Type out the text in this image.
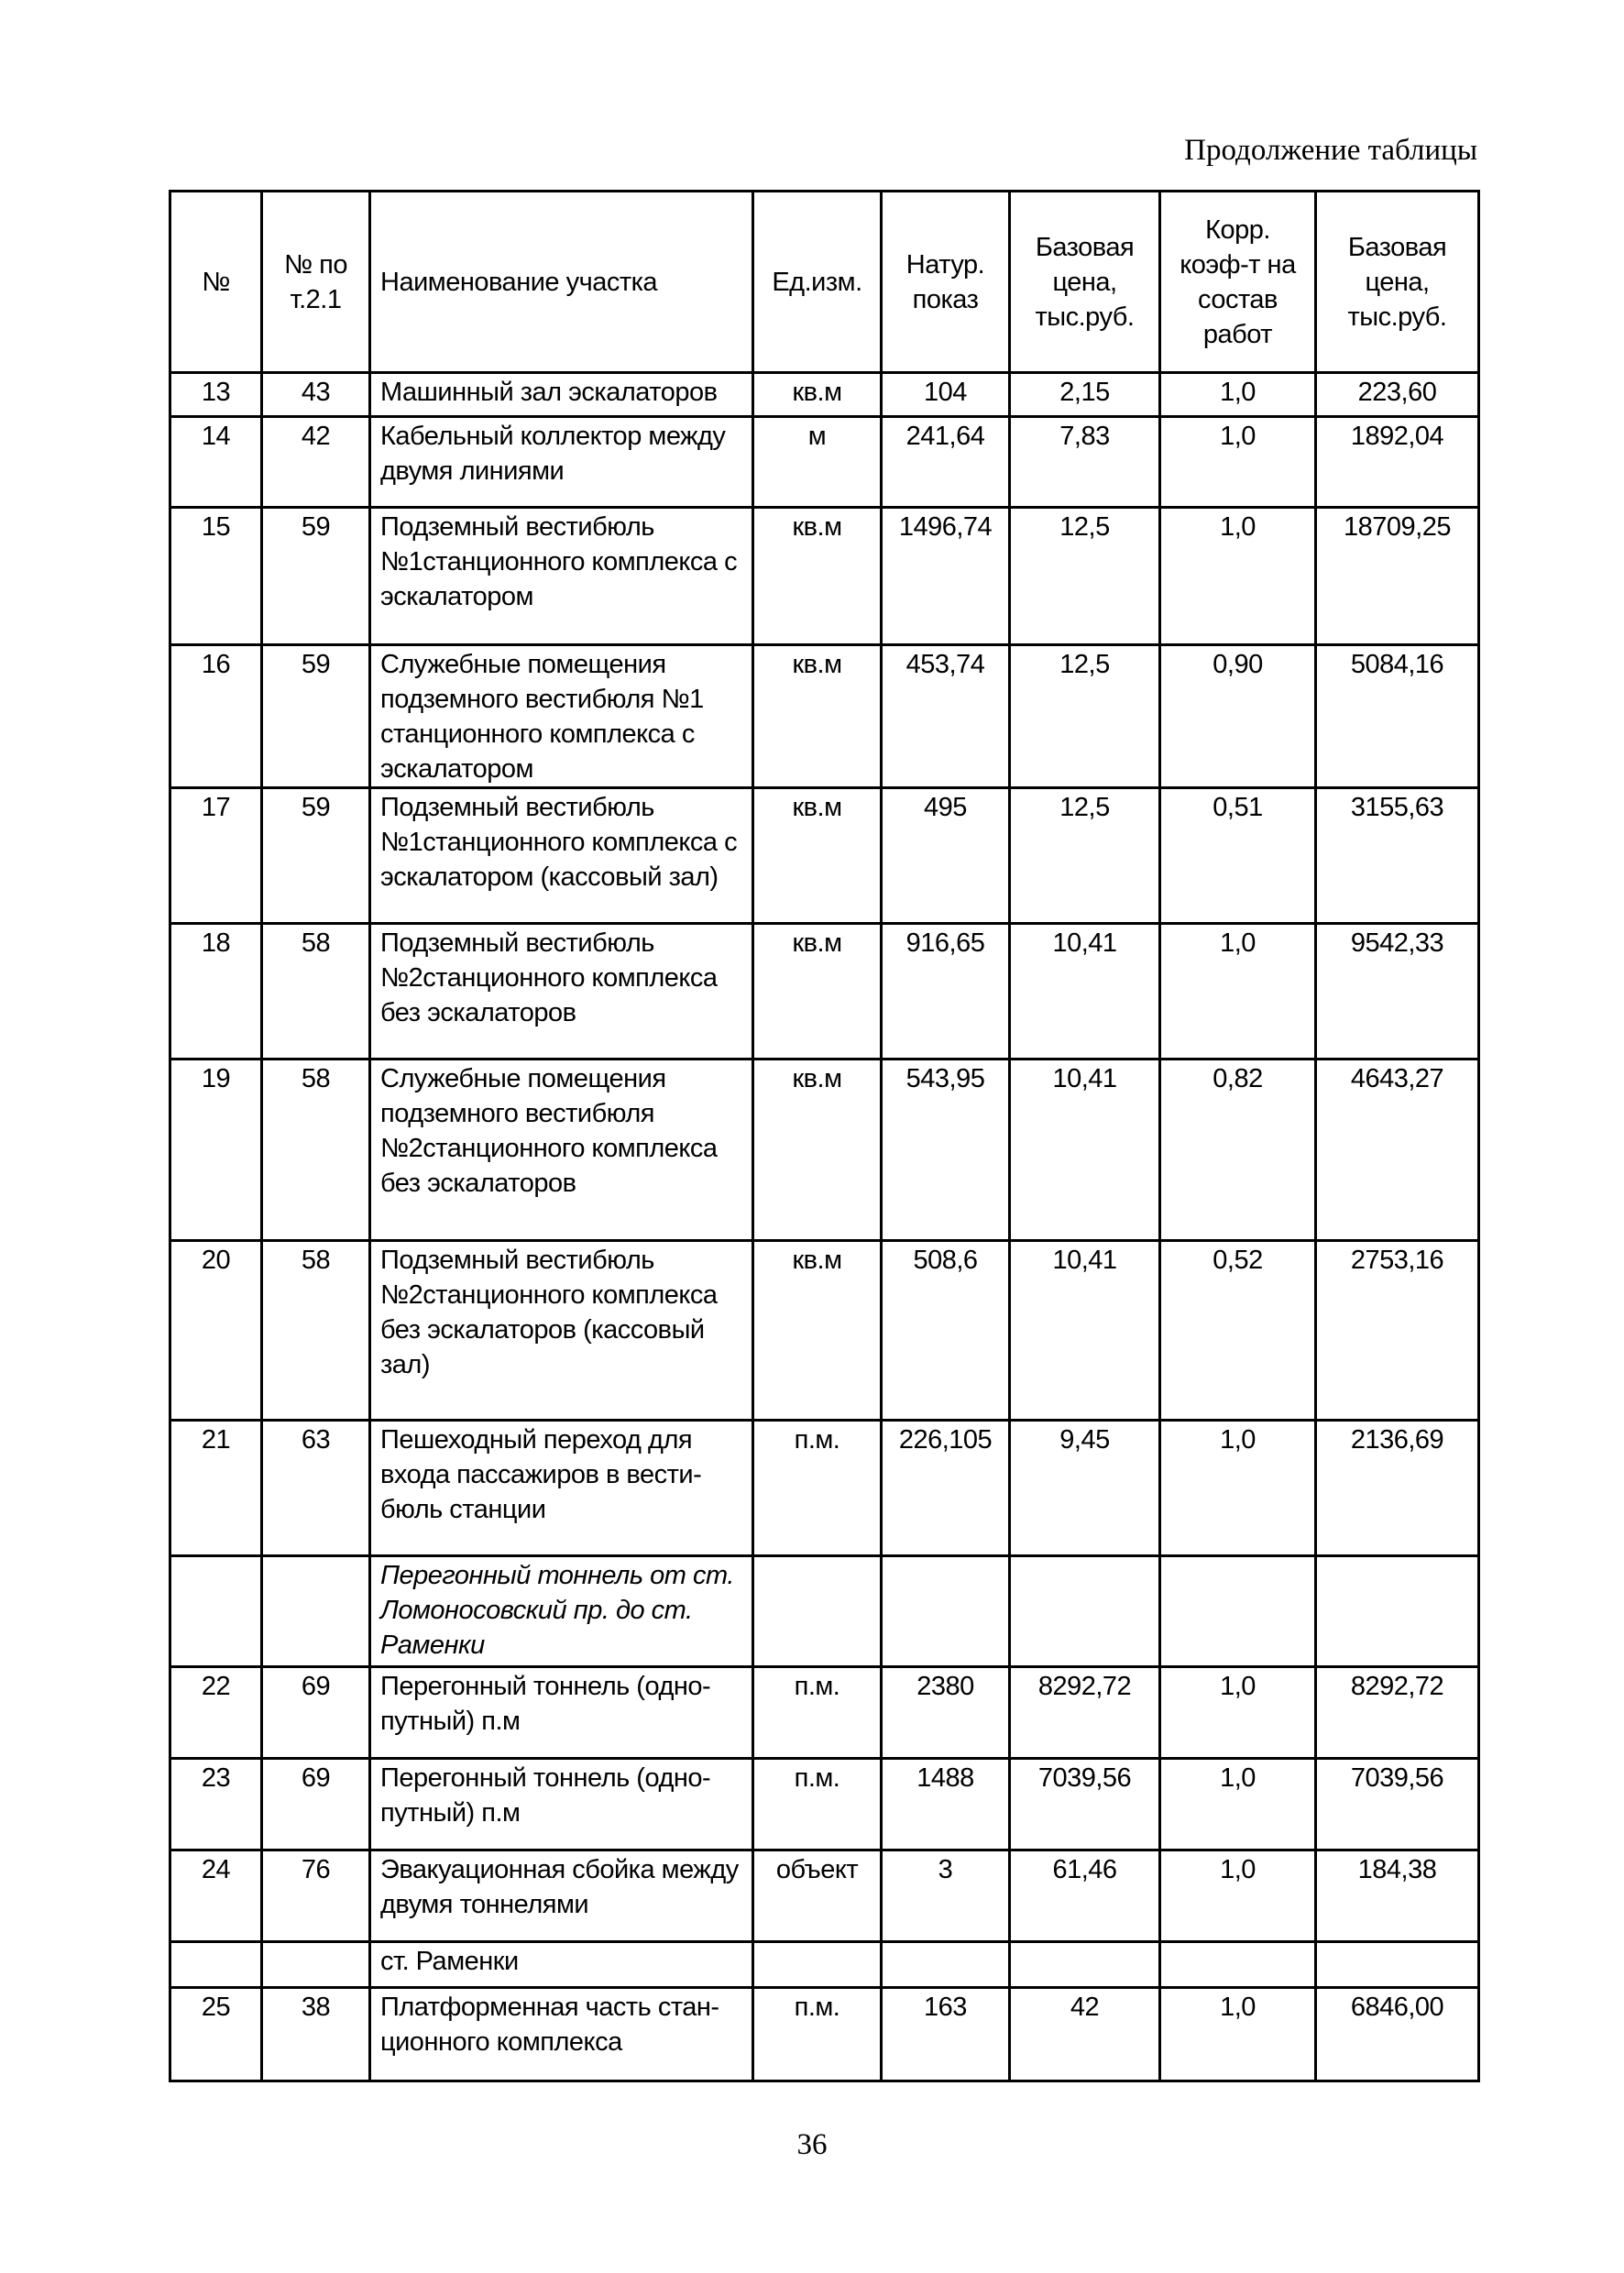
Продолжение таблицы
№	№ по т.2.1	Наименование участка	Ед.изм.	Натур. показ	Базовая цена, тыс.руб.	Корр. коэф-т на состав работ	Базовая цена, тыс.руб.
13	43	Машинный зал эскалаторов	кв.м	104	2,15	1,0	223,60
14	42	Кабельный коллектор между двумя линиями	м	241,64	7,83	1,0	1892,04
15	59	Подземный вестибюль №1станционного комплекса с эскалатором	кв.м	1496,74	12,5	1,0	18709,25
16	59	Служебные помещения подземного вестибюля №1 станционного комплекса с эскалатором	кв.м	453,74	12,5	0,90	5084,16
17	59	Подземный вестибюль №1станционного комплекса с эскалатором (кассовый зал)	кв.м	495	12,5	0,51	3155,63
18	58	Подземный вестибюль №2станционного комплекса без эскалаторов	кв.м	916,65	10,41	1,0	9542,33
19	58	Служебные помещения подземного вестибюля №2станционного комплекса без эскалаторов	кв.м	543,95	10,41	0,82	4643,27
20	58	Подземный вестибюль №2станционного комплекса без эскалаторов (кассовый зал)	кв.м	508,6	10,41	0,52	2753,16
21	63	Пешеходный переход для входа пассажиров в вести-бюль станции	п.м.	226,105	9,45	1,0	2136,69
		Перегонный тоннель от ст. Ломоносовский пр. до ст. Раменки					
22	69	Перегонный тоннель (одно-путный) п.м	п.м.	2380	8292,72	1,0	8292,72
23	69	Перегонный тоннель (одно-путный) п.м	п.м.	1488	7039,56	1,0	7039,56
24	76	Эвакуационная сбойка между двумя тоннелями	объект	3	61,46	1,0	184,38
		ст. Раменки					
25	38	Платформенная часть стан-ционного комплекса	п.м.	163	42	1,0	6846,00
36
